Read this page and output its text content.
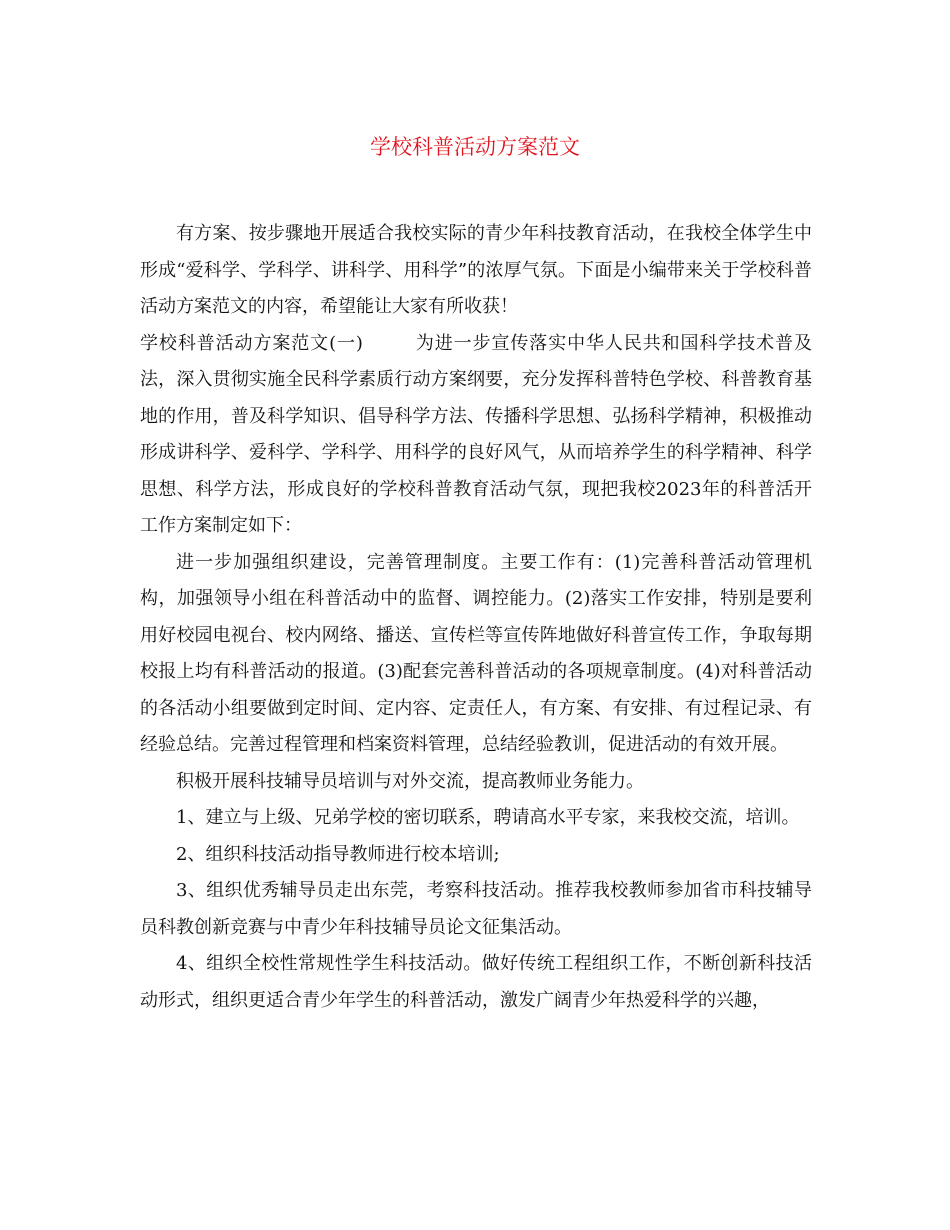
学校科普活动方案范文

有方案、按步骤地开展适合我校实际的青少年科技教育活动，在我校全体学生中形成“爱科学、学科学、讲科学、用科学”的浓厚气氛。下面是小编带来关于学校科普活动方案范文的内容，希望能让大家有所收获！

学校科普活动方案范文(一)	为进一步宣传落实中华人民共和国科学技术普及法，深入贯彻实施全民科学素质行动方案纲要，充分发挥科普特色学校、科普教育基地的作用，普及科学知识、倡导科学方法、传播科学思想、弘扬科学精神，积极推动形成讲科学、爱科学、学科学、用科学的良好风气，从而培养学生的科学精神、科学思想、科学方法，形成良好的学校科普教育活动气氛，现把我校2023年的科普活开工作方案制定如下：

进一步加强组织建设，完善管理制度。主要工作有：(1)完善科普活动管理机构，加强领导小组在科普活动中的监督、调控能力。(2)落实工作安排，特别是要利用好校园电视台、校内网络、播送、宣传栏等宣传阵地做好科普宣传工作，争取每期校报上均有科普活动的报道。(3)配套完善科普活动的各项规章制度。(4)对科普活动的各活动小组要做到定时间、定内容、定责任人，有方案、有安排、有过程记录、有经验总结。完善过程管理和档案资料管理，总结经验教训，促进活动的有效开展。

积极开展科技辅导员培训与对外交流，提高教师业务能力。

1、建立与上级、兄弟学校的密切联系，聘请高水平专家，来我校交流，培训。

2、组织科技活动指导教师进行校本培训;

3、组织优秀辅导员走出东莞，考察科技活动。推荐我校教师参加省市科技辅导员科教创新竞赛与中青少年科技辅导员论文征集活动。

4、组织全校性常规性学生科技活动。做好传统工程组织工作，不断创新科技活动形式，组织更适合青少年学生的科普活动，激发广阔青少年热爱科学的兴趣，
